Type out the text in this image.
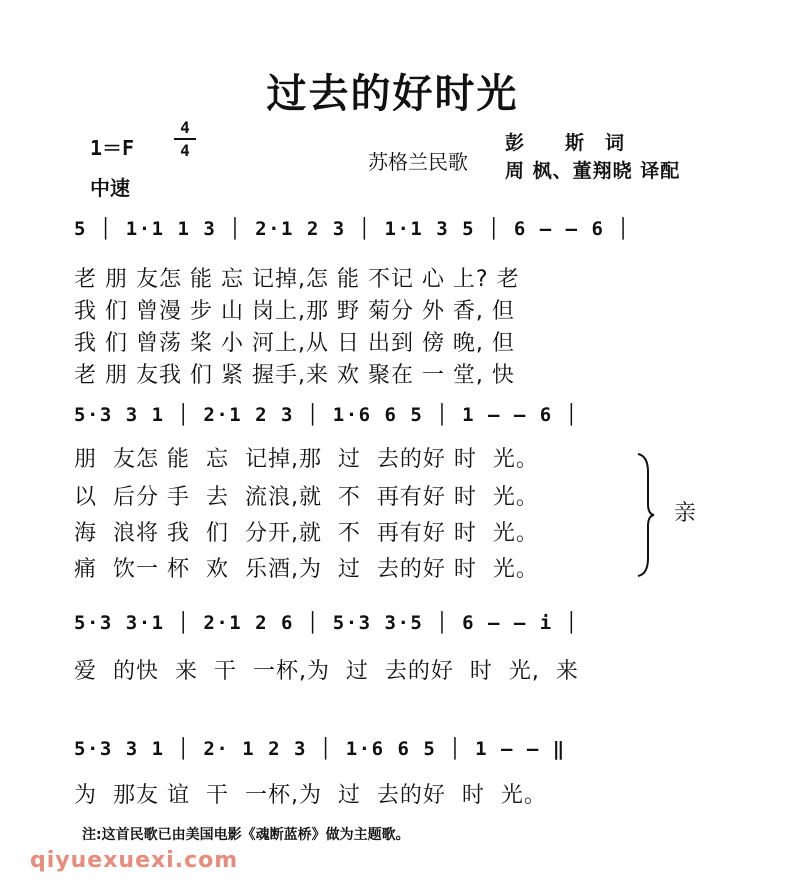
过去的好时光
1＝F
4
4
中速
苏格兰民歌
彭　　斯　词
周 枫、董翔晓 译配
5 │ 1·1 1 3 │ 2·1 2 3 │ 1·1 3 5 │ 6 — — 6 │
老 朋 友怎 能 忘 记掉,怎 能 不记 心 上? 老
我 们 曾漫 步 山 岗上,那 野 菊分 外 香, 但
我 们 曾荡 桨 小 河上,从 日 出到 傍 晚, 但
老 朋 友我 们 紧 握手,来 欢 聚在 一 堂, 快
5·3 3 1 │ 2·1 2 3 │ 1·6 6 5 │ 1 — — 6 │
朋  友怎 能  忘  记掉,那  过  去的好 时  光。
以  后分 手  去  流浪,就  不  再有好 时  光。
海  浪将 我  们  分开,就  不  再有好 时  光。
痛  饮一 杯  欢  乐酒,为  过  去的好 时  光。
亲
5·3 3·1 │ 2·1 2 6 │ 5·3 3·5 │ 6 — — i │
爱  的快  来  干  一杯,为  过  去的好  时  光,  来
5·3 3 1 │ 2· 1 2 3 │ 1·6 6 5 │ 1 — — ‖
为  那友 谊  干  一杯,为  过  去的好  时  光。
注:这首民歌已由美国电影《魂断蓝桥》做为主题歌。
qiyuexuexi.com
